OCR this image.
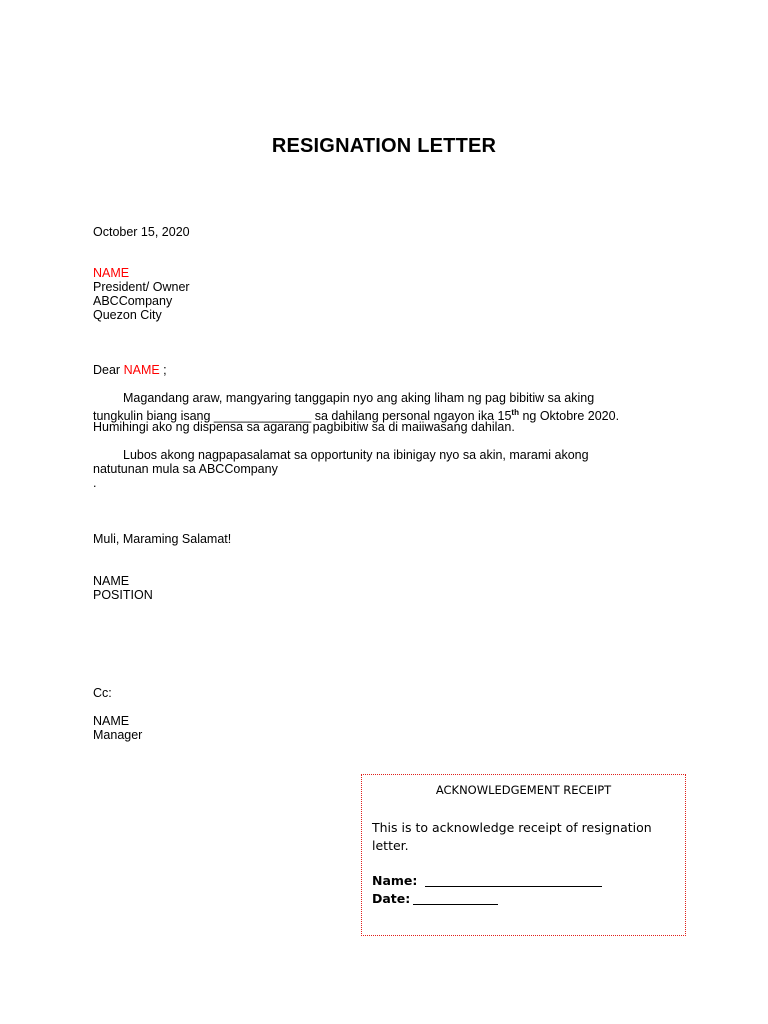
RESIGNATION LETTER
October 15, 2020
NAME
President/ Owner
ABCCompany
Quezon City
Dear NAME ;
Magandang araw, mangyaring tanggapin nyo ang aking liham ng pag bibitiw sa aking
tungkulin biang isang ______________ sa dahilang personal ngayon ika 15th ng Oktobre 2020.
Humihingi ako ng dispensa sa agarang pagbibitiw sa di maiiwasang dahilan.
Lubos akong nagpapasalamat sa opportunity na ibinigay nyo sa akin, marami akong
natutunan mula sa ABCCompany
.
Muli, Maraming Salamat!
NAME
POSITION
Cc:
NAME
Manager
ACKNOWLEDGEMENT RECEIPT
This is to acknowledge receipt of resignation letter.
Name:
Date:
